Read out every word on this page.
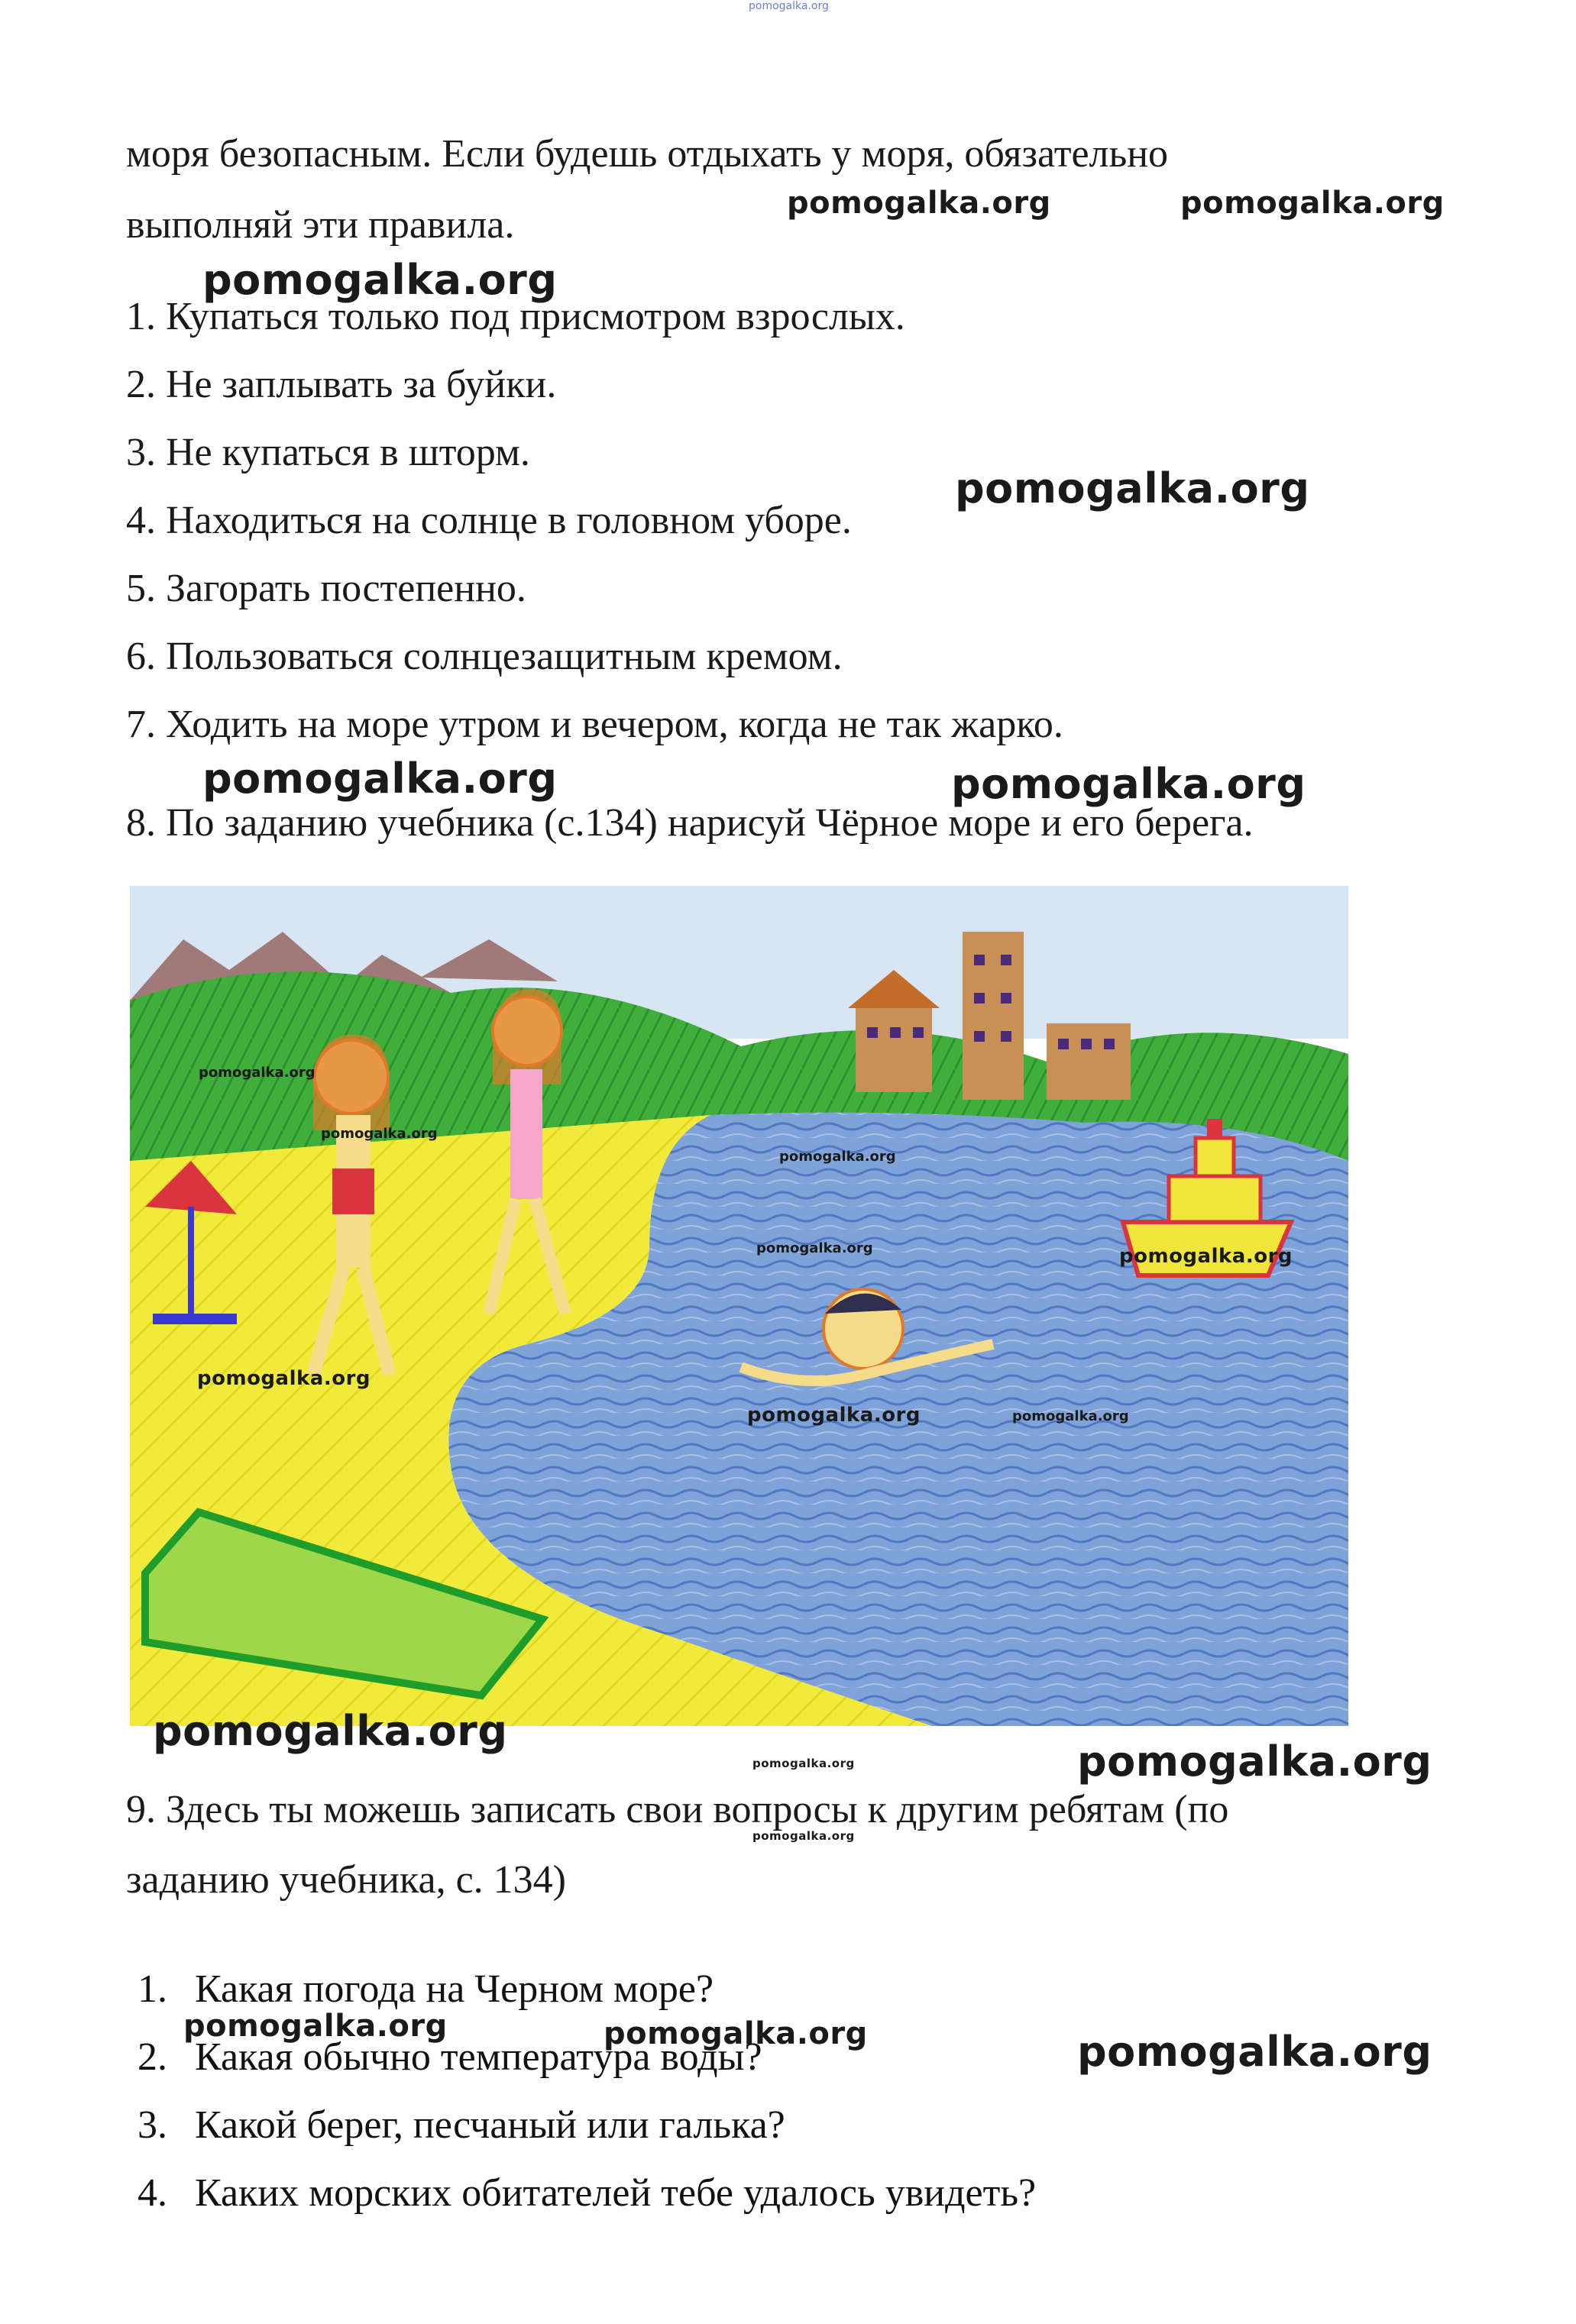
pomogalka.org
моря безопасным. Если будешь отдыхать у моря, обязательно
выполняй эти правила.
1. Купаться только под присмотром взрослых.
2. Не заплывать за буйки.
3. Не купаться в шторм.
4. Находиться на солнце в головном уборе.
5. Загорать постепенно.
6. Пользоваться солнцезащитным кремом.
7. Ходить на море утром и вечером, когда не так жарко.
8. По заданию учебника (с.134) нарисуй Чёрное море и его берега.
pomogalka.org
pomogalka.org
pomogalka.org
pomogalka.org
pomogalka.org
9. Здесь ты можешь записать свои вопросы к другим ребятам (по
заданию учебника, с. 134)
1. Какая погода на Черном море?
2. Какая обычно температура воды?
3. Какой берег, песчаный или галька?
4. Каких морских обитателей тебе удалось увидеть?
pomogalka.org	pomogalka.org
pomogalka.org
pomogalka.org
pomogalka.org	pomogalka.org
pomogalka.org
pomogalka.org
pomogalka.org
pomogalka.org
pomogalka.org
pomogalka.org
pomogalka.org
pomogalka.org	pomogalka.org	pomogalka.org
